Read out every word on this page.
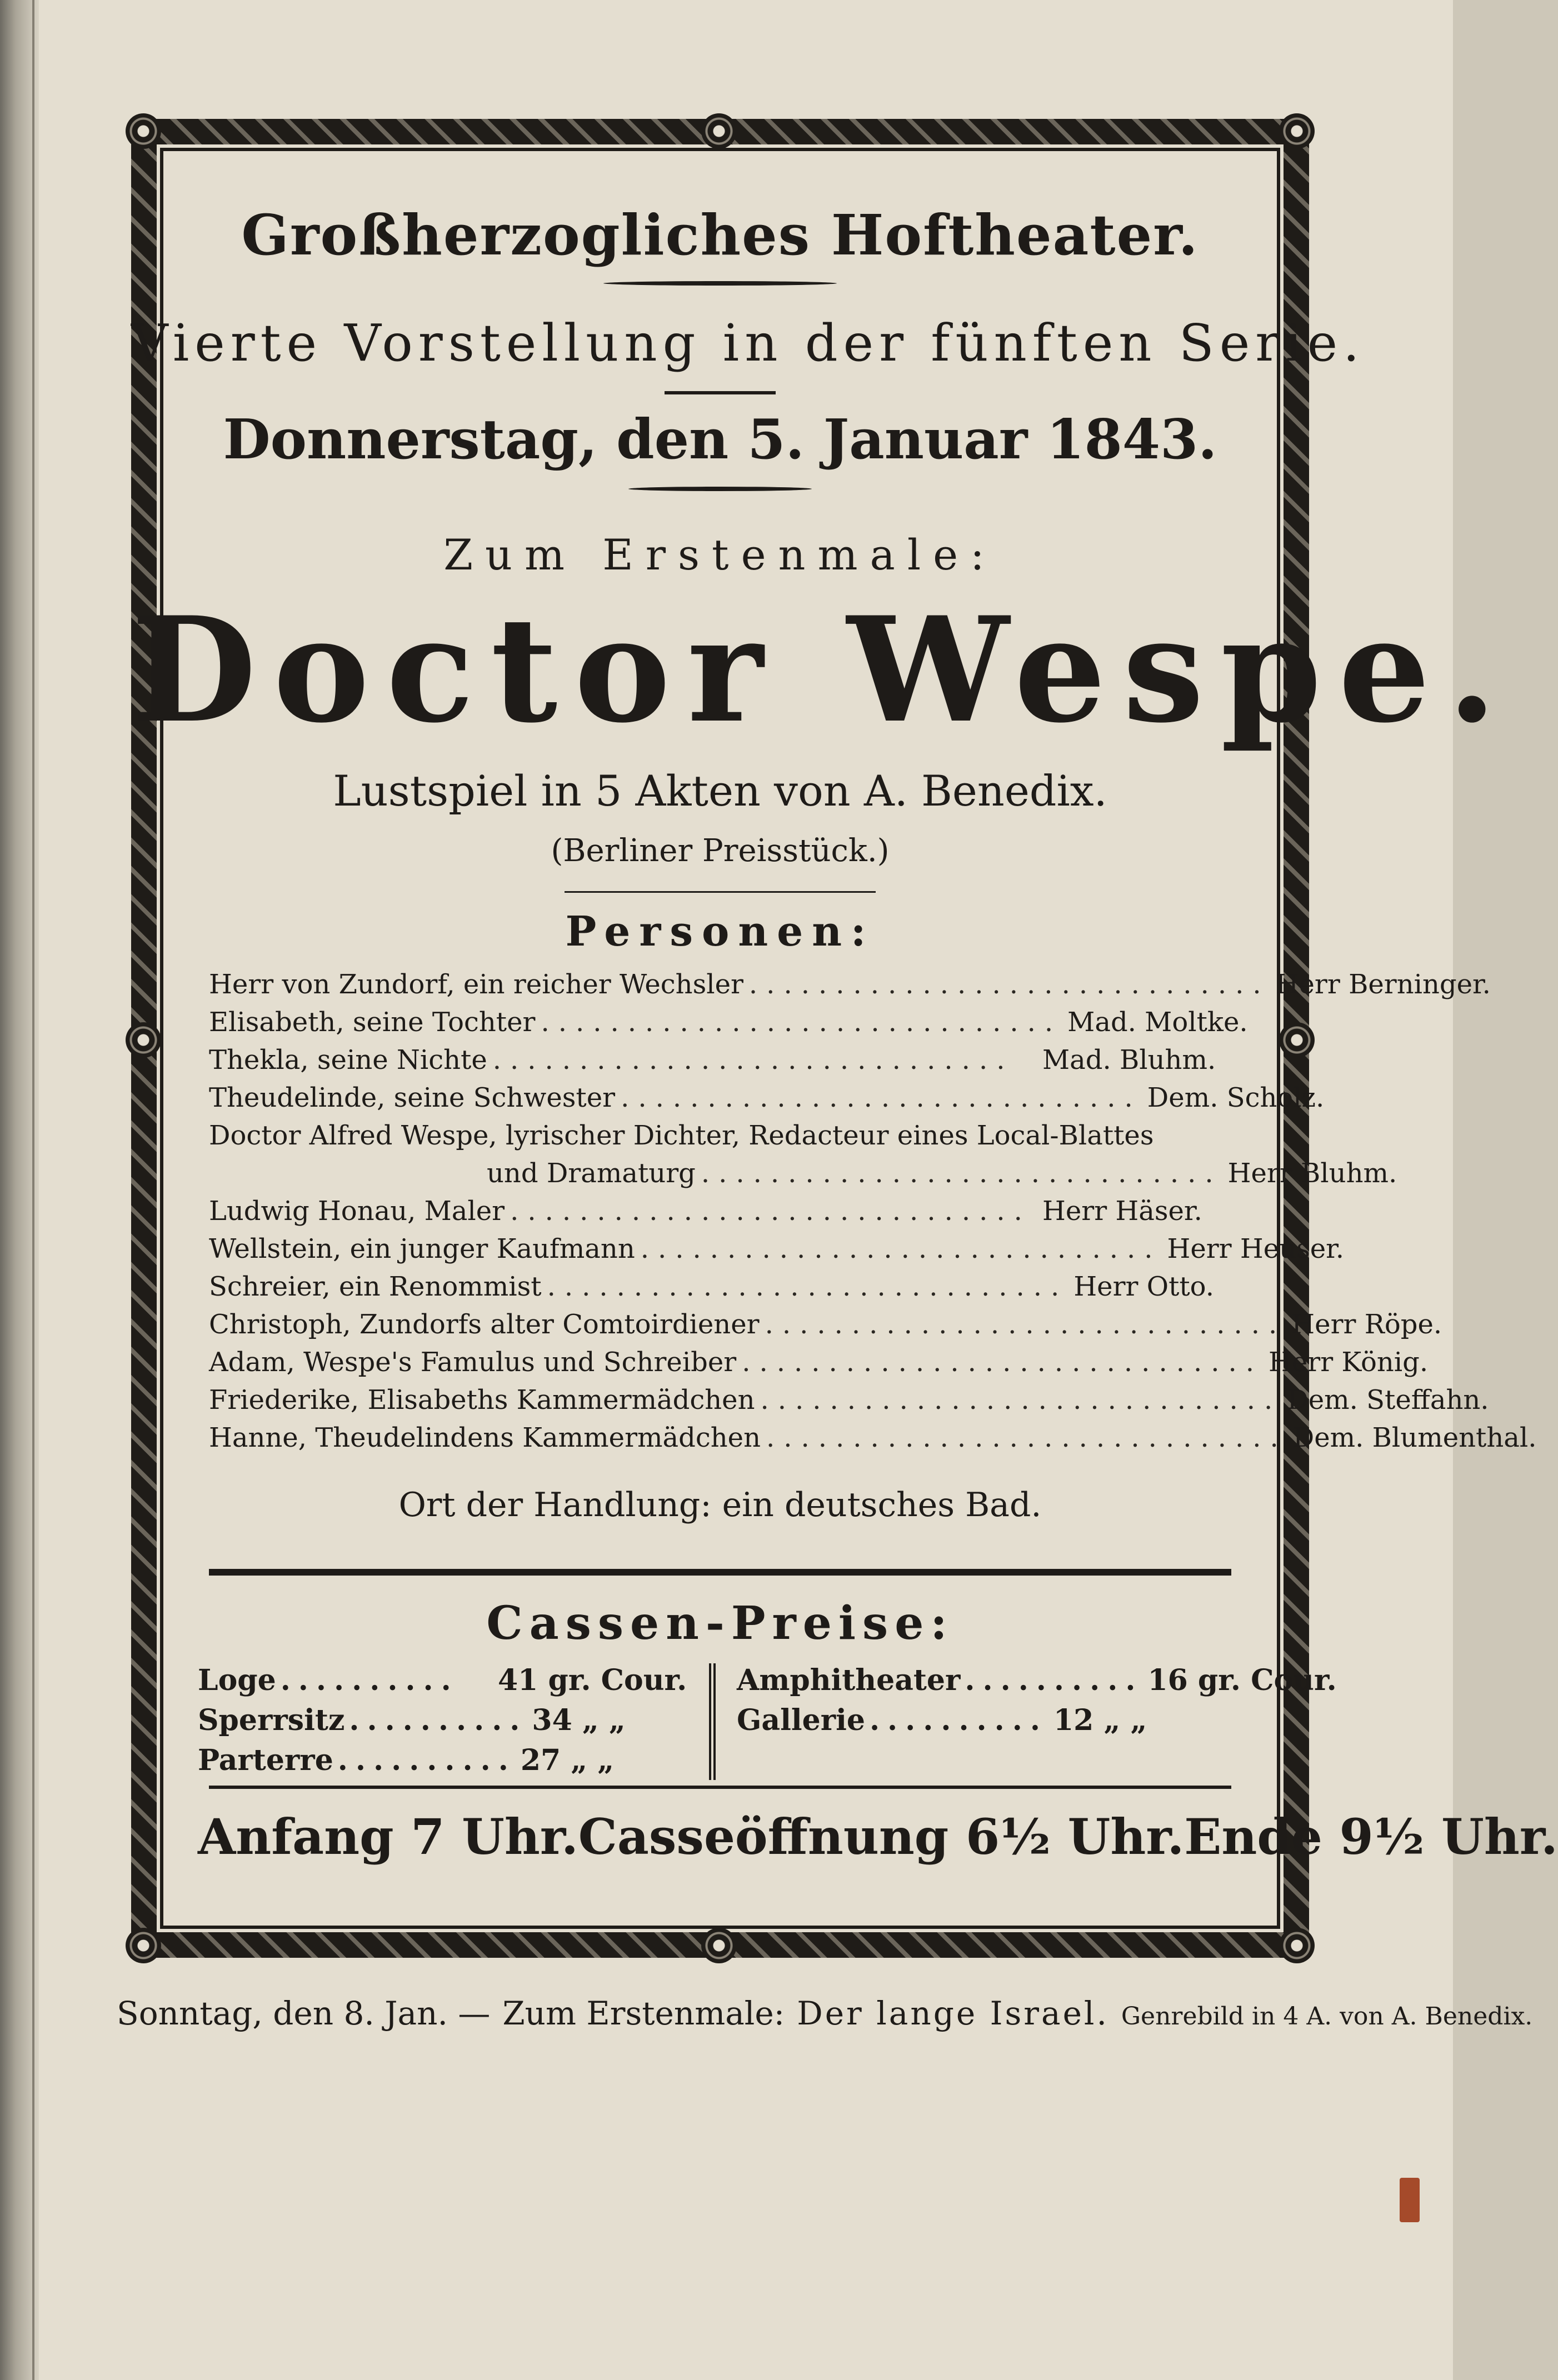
Großherzogliches Hoftheater.
Vierte Vorstellung in der fünften Serie.
Donnerstag, den 5. Januar 1843.
Zum Erstenmale:
Doctor Wespe.
Lustspiel in 5 Akten von A. Benedix.
(Berliner Preisstück.)
Personen:
Herr von Zundorf, ein reicher Wechsler .............................. Herr Berninger.
Elisabeth, seine Tochter .............................. Mad. Moltke.
Thekla, seine Nichte ..............................	Mad. Bluhm.
Theudelinde, seine Schwester .............................. Dem. Scholz.
Doctor Alfred Wespe, lyrischer Dichter, Redacteur eines Local-Blattes
und Dramaturg .............................. Herr Bluhm.
Ludwig Honau, Maler .............................. Herr Häser.
Wellstein, ein junger Kaufmann .............................. Herr Heuser.
Schreier, ein Renommist .............................. Herr Otto.
Christoph, Zundorfs alter Comtoirdiener .............................. Herr Röpe.
Adam, Wespe's Famulus und Schreiber .............................. Herr König.
Friederike, Elisabeths Kammermädchen .............................. Dem. Steffahn.
Hanne, Theudelindens Kammermädchen .............................. Dem. Blumenthal.
Ort der Handlung: ein deutsches Bad.
Cassen-Preise:
Loge ..........	41 gr. Cour.
Sperrsitz .......... 34 „ „
Parterre .......... 27 „ „
Amphitheater .......... 16 gr. Cour.
Gallerie .......... 12 „ „
Anfang 7 Uhr. Casseöffnung 6½ Uhr. Ende 9½ Uhr.
Sonntag, den 8. Jan. — Zum Erstenmale: Der lange Israel. Genrebild in 4 A. von A. Benedix.
